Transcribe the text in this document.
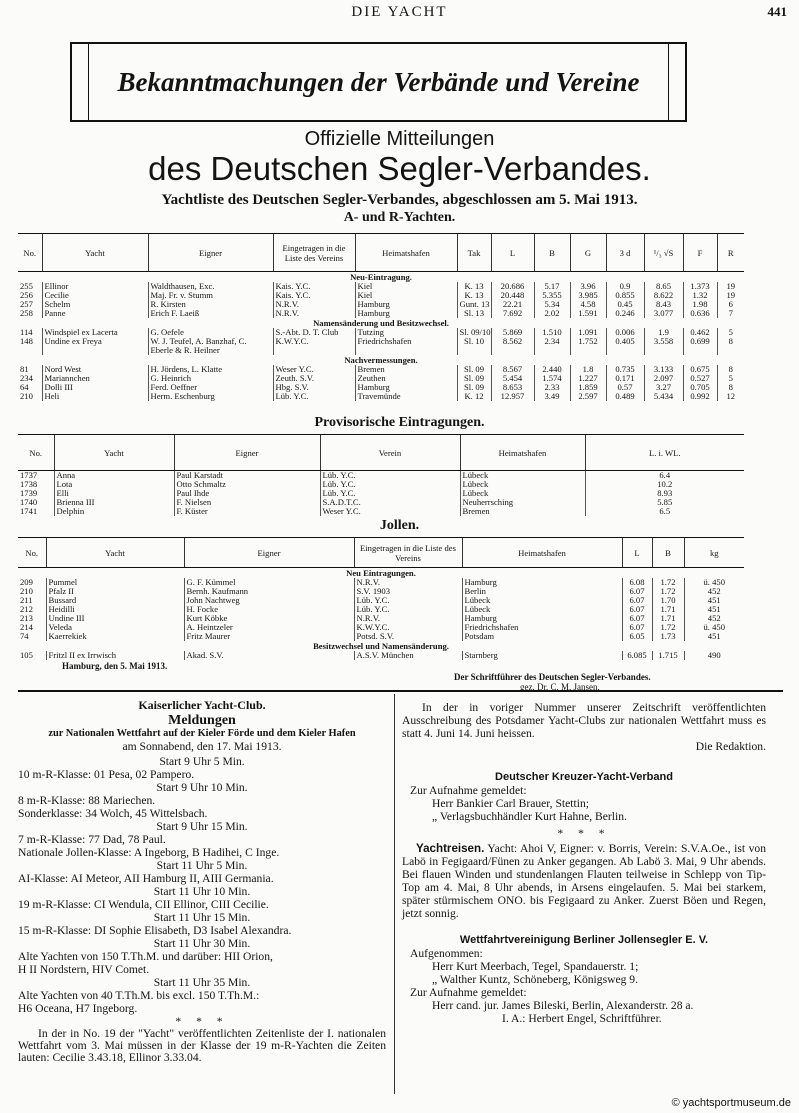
DIE YACHT	441
Bekanntmachungen der Verbände und Vereine
Offizielle Mitteilungen
des Deutschen Segler-Verbandes.
Yachtliste des Deutschen Segler-Verbandes, abgeschlossen am 5. Mai 1913.
A- und R-Yachten.
No.	Yacht	Eigner	Eingetragen in die Liste des Vereins	Heimatshafen	Tak	L	B	G	3 d	¹/₃ √S	F	R
Neu-Eintragung.												
255	Ellinor	Waldthausen, Exc.	Kais. Y.C.	Kiel	K. 13	20.686	5.17	3.96	0.9	8.65	1.373	19
256	Cecilie	Maj. Fr. v. Stumm	Kais. Y.C.	Kiel	K. 13	20.448	5.355	3.985	0.855	8.622	1.32	19
257	Schelm	R. Kirsten	N.R.V.	Hamburg	Gunt. 13	22.21	5.34	4.58	0.45	8.43	1.98	6
258	Panne	Erich F. Laeiß	N.R.V.	Hamburg	Sl. 13	7.692	2.02	1.591	0.246	3.077	0.636	7
Namensänderung und Besitzwechsel.												
114	Windspiel ex Lacerta	G. Oefele	S.-Abt. D. T. Club	Tutzing	Sl. 09/10	5.869	1.510	1.091	0.006	1.9	0.462	5
148	Undine ex Freya	W. J. Teufel, A. Banzhaf, C. Eberle & R. Heilner	K.W.Y.C.	Friedrichshafen	Sl. 10	8.562	2.34	1.752	0.405	3.558	0.699	8
Nachvermessungen.												
81	Nord West	H. Jördens, L. Klatte	Weser Y.C.	Bremen	Sl. 09	8.567	2.440	1.8	0.735	3.133	0.675	8
234	Mariannchen	G. Heinrich	Zeuth. S.V.	Zeuthen	Sl. 09	5.454	1.574	1.227	0.171	2.097	0.527	5
64	Dolli III	Ferd. Oeffner	Hbg. S.V.	Hamburg	Sl. 09	8.653	2.33	1.859	0.57	3.27	0.705	8
210	Heli	Herm. Eschenburg	Lüb. Y.C.	Travemünde	K. 12	12.957	3.49	2.597	0.489	5.434	0.992	12
Provisorische Eintragungen.
No.	Yacht	Eigner	Verein	Heimatshafen	L. i. WL.
1737	Anna	Paul Karstadt	Lüb. Y.C.	Lübeck	6.4
1738	Lota	Otto Schmaltz	Lüb. Y.C.	Lübeck	10.2
1739	Elli	Paul Ihde	Lüb. Y.C.	Lübeck	8.93
1740	Brienna III	F. Nielsen	S.A.D.T.C.	Neuherrsching	5.85
1741	Delphin	F. Küster	Weser Y.C.	Bremen	6.5
Jollen.
No.	Yacht	Eigner	Eingetragen in die Liste des Vereins	Heimatshafen	L	B	kg
Neu Eintragungen.							
209	Pummel	G. F. Kümmel	N.R.V.	Hamburg	6.08	1.72	ü. 450
210	Pfalz II	Bernh. Kaufmann	S.V. 1903	Berlin	6.07	1.72	452
211	Bussard	John Nachtweg	Lüb. Y.C.	Lübeck	6.07	1.70	451
212	Heidilli	H. Focke	Lüb. Y.C.	Lübeck	6.07	1.71	451
213	Undine III	Kurt Köbke	N.R.V.	Hamburg	6.07	1.71	452
214	Veleda	A. Heintzeler	K.W.Y.C.	Friedrichshafen	6.07	1.72	ü. 450
74	Kaerrekiek	Fritz Maurer	Potsd. S.V.	Potsdam	6.05	1.73	451
Besitzwechsel und Namensänderung.							
105	Fritzl II ex Irrwisch	Akad. S.V.	A.S.V. München	Starnberg	6.085	1.715	490
Hamburg, den 5. Mai 1913.
Der Schriftführer des Deutschen Segler-Verbandes.
gez. Dr. C. M. Jansen.

Kaiserlicher Yacht-Club.

Meldungen

zur Nationalen Wettfahrt auf der Kieler Förde und dem Kieler Hafen

am Sonnabend, den 17. Mai 1913.

Start 9 Uhr 5 Min.

10 m-R-Klasse: 01 Pesa, 02 Pampero.

Start 9 Uhr 10 Min.

8 m-R-Klasse: 88 Mariechen.

Sonderklasse: 34 Wolch, 45 Wittelsbach.

Start 9 Uhr 15 Min.

7 m-R-Klasse: 77 Dad, 78 Paul.

Nationale Jollen-Klasse: A Ingeborg, B Hadihei, C Inge.

Start 11 Uhr 5 Min.

AI-Klasse: AI Meteor, AII Hamburg II, AIII Germania.

Start 11 Uhr 10 Min.

19 m-R-Klasse: CI Wendula, CII Ellinor, CIII Cecilie.

Start 11 Uhr 15 Min.

15 m-R-Klasse: DI Sophie Elisabeth, D3 Isabel Alexandra.

Start 11 Uhr 30 Min.

Alte Yachten von 150 T.Th.M. und darüber: HII Orion,

H II Nordstern, HIV Comet.

Start 11 Uhr 35 Min.

Alte Yachten von 40 T.Th.M. bis excl. 150 T.Th.M.:

H6 Oceana, H7 Ingeborg.

* * *

In der in No. 19 der "Yacht" veröffentlichten Zeitenliste der I. nationalen Wettfahrt vom 3. Mai müssen in der Klasse der 19 m-R-Yachten die Zeiten lauten: Cecilie 3.43.18, Ellinor 3.33.04.

In der in voriger Nummer unserer Zeitschrift veröffentlichten Ausschreibung des Potsdamer Yacht-Clubs zur nationalen Wettfahrt muss es statt 4. Juni 14. Juni heissen.

Die Redaktion.

Deutscher Kreuzer-Yacht-Verband

Zur Aufnahme gemeldet:

Herr Bankier Carl Brauer, Stettin;

„ Verlagsbuchhändler Kurt Hahne, Berlin.

* * *

Yachtreisen. Yacht: Ahoi V, Eigner: v. Borris, Verein: S.V.A.Oe., ist von Labö in Fegigaard/Fünen zu Anker gegangen. Ab Labö 3. Mai, 9 Uhr abends. Bei flauen Winden und stundenlangen Flauten teilweise in Schlepp von Tip-Top am 4. Mai, 8 Uhr abends, in Arsens eingelaufen. 5. Mai bei starkem, später stürmischem ONO. bis Fegigaard zu Anker. Zuerst Böen und Regen, jetzt sonnig.

Wettfahrtvereinigung Berliner Jollensegler E. V.

Aufgenommen:

Herr Kurt Meerbach, Tegel, Spandauerstr. 1;

„ Walther Kuntz, Schöneberg, Königsweg 9.

Zur Aufnahme gemeldet:

Herr cand. jur. James Bileski, Berlin, Alexanderstr. 28 a.

I. A.: Herbert Engel, Schriftführer.

© yachtsportmuseum.de
